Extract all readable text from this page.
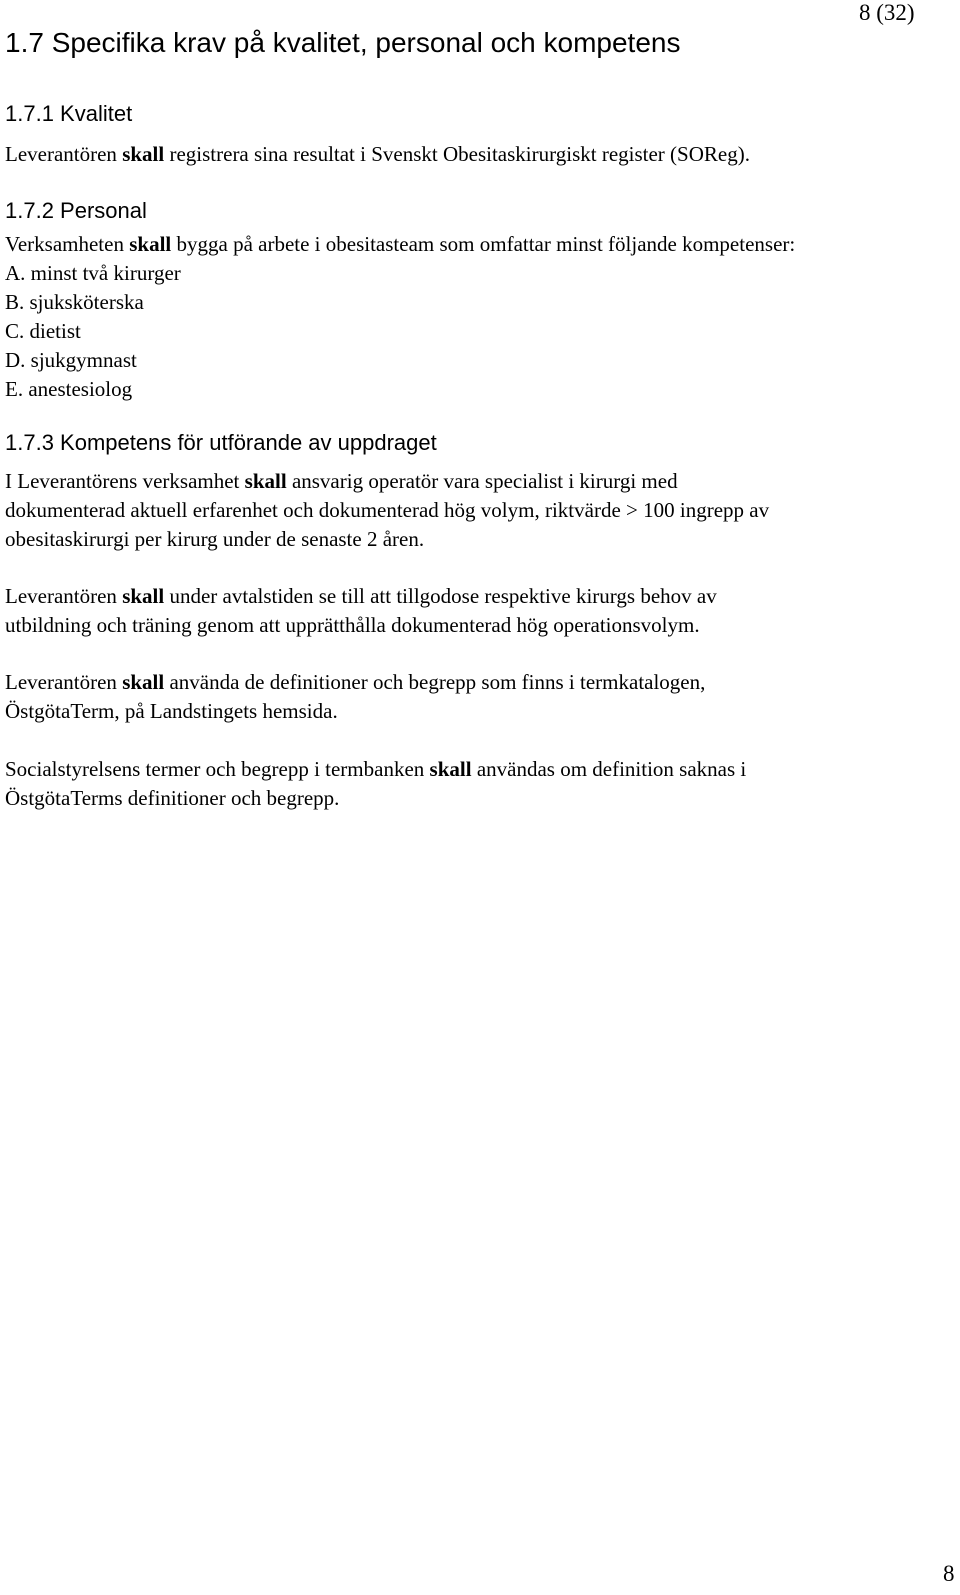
8 (32)
1.7 Specifika krav på kvalitet, personal och kompetens
1.7.1 Kvalitet

Leverantören skall registrera sina resultat i Svenskt Obesitaskirurgiskt register (SOReg).

1.7.2 Personal

Verksamheten skall bygga på arbete i obesitasteam som omfattar minst följande kompetenser:

A. minst två kirurger
B. sjuksköterska
C. dietist
D. sjukgymnast
E. anestesiolog
1.7.3 Kompetens för utförande av uppdraget
I Leverantörens verksamhet skall ansvarig operatör vara specialist i kirurgi med
dokumenterad aktuell erfarenhet och dokumenterad hög volym, riktvärde > 100 ingrepp av
obesitaskirurgi per kirurg under de senaste 2 åren.
Leverantören skall under avtalstiden se till att tillgodose respektive kirurgs behov av
utbildning och träning genom att upprätthålla dokumenterad hög operationsvolym.
Leverantören skall använda de definitioner och begrepp som finns i termkatalogen,
ÖstgötaTerm, på Landstingets hemsida.
Socialstyrelsens termer och begrepp i termbanken skall användas om definition saknas i
ÖstgötaTerms definitioner och begrepp.
8
